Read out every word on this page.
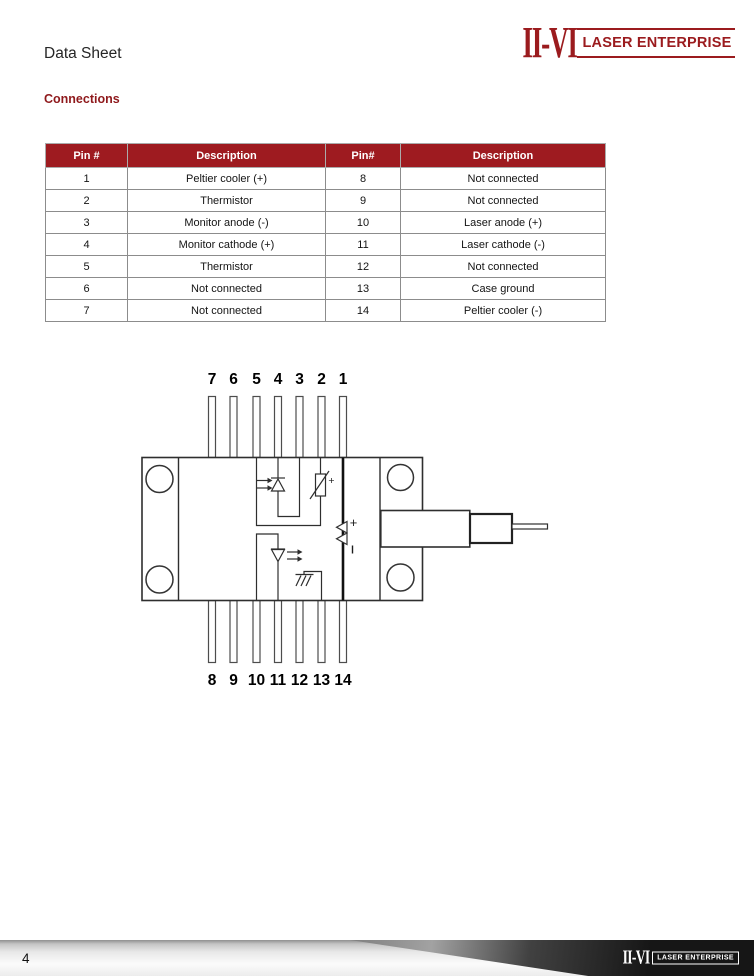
Data Sheet	II-VI LASER ENTERPRISE
Connections
Pin #	Description	Pin#	Description
1	Peltier cooler (+)	8	Not connected
2	Thermistor	9	Not connected
3	Monitor anode (-)	10	Laser anode (+)
4	Monitor cathode (+)	11	Laser cathode (-)
5	Thermistor	12	Not connected
6	Not connected	13	Case ground
7	Not connected	14	Peltier cooler (-)
+
+
7 6 5 4 3 2 1
8 9 10 11 12 13 14
4	II-VI	LASER ENTERPRISE
